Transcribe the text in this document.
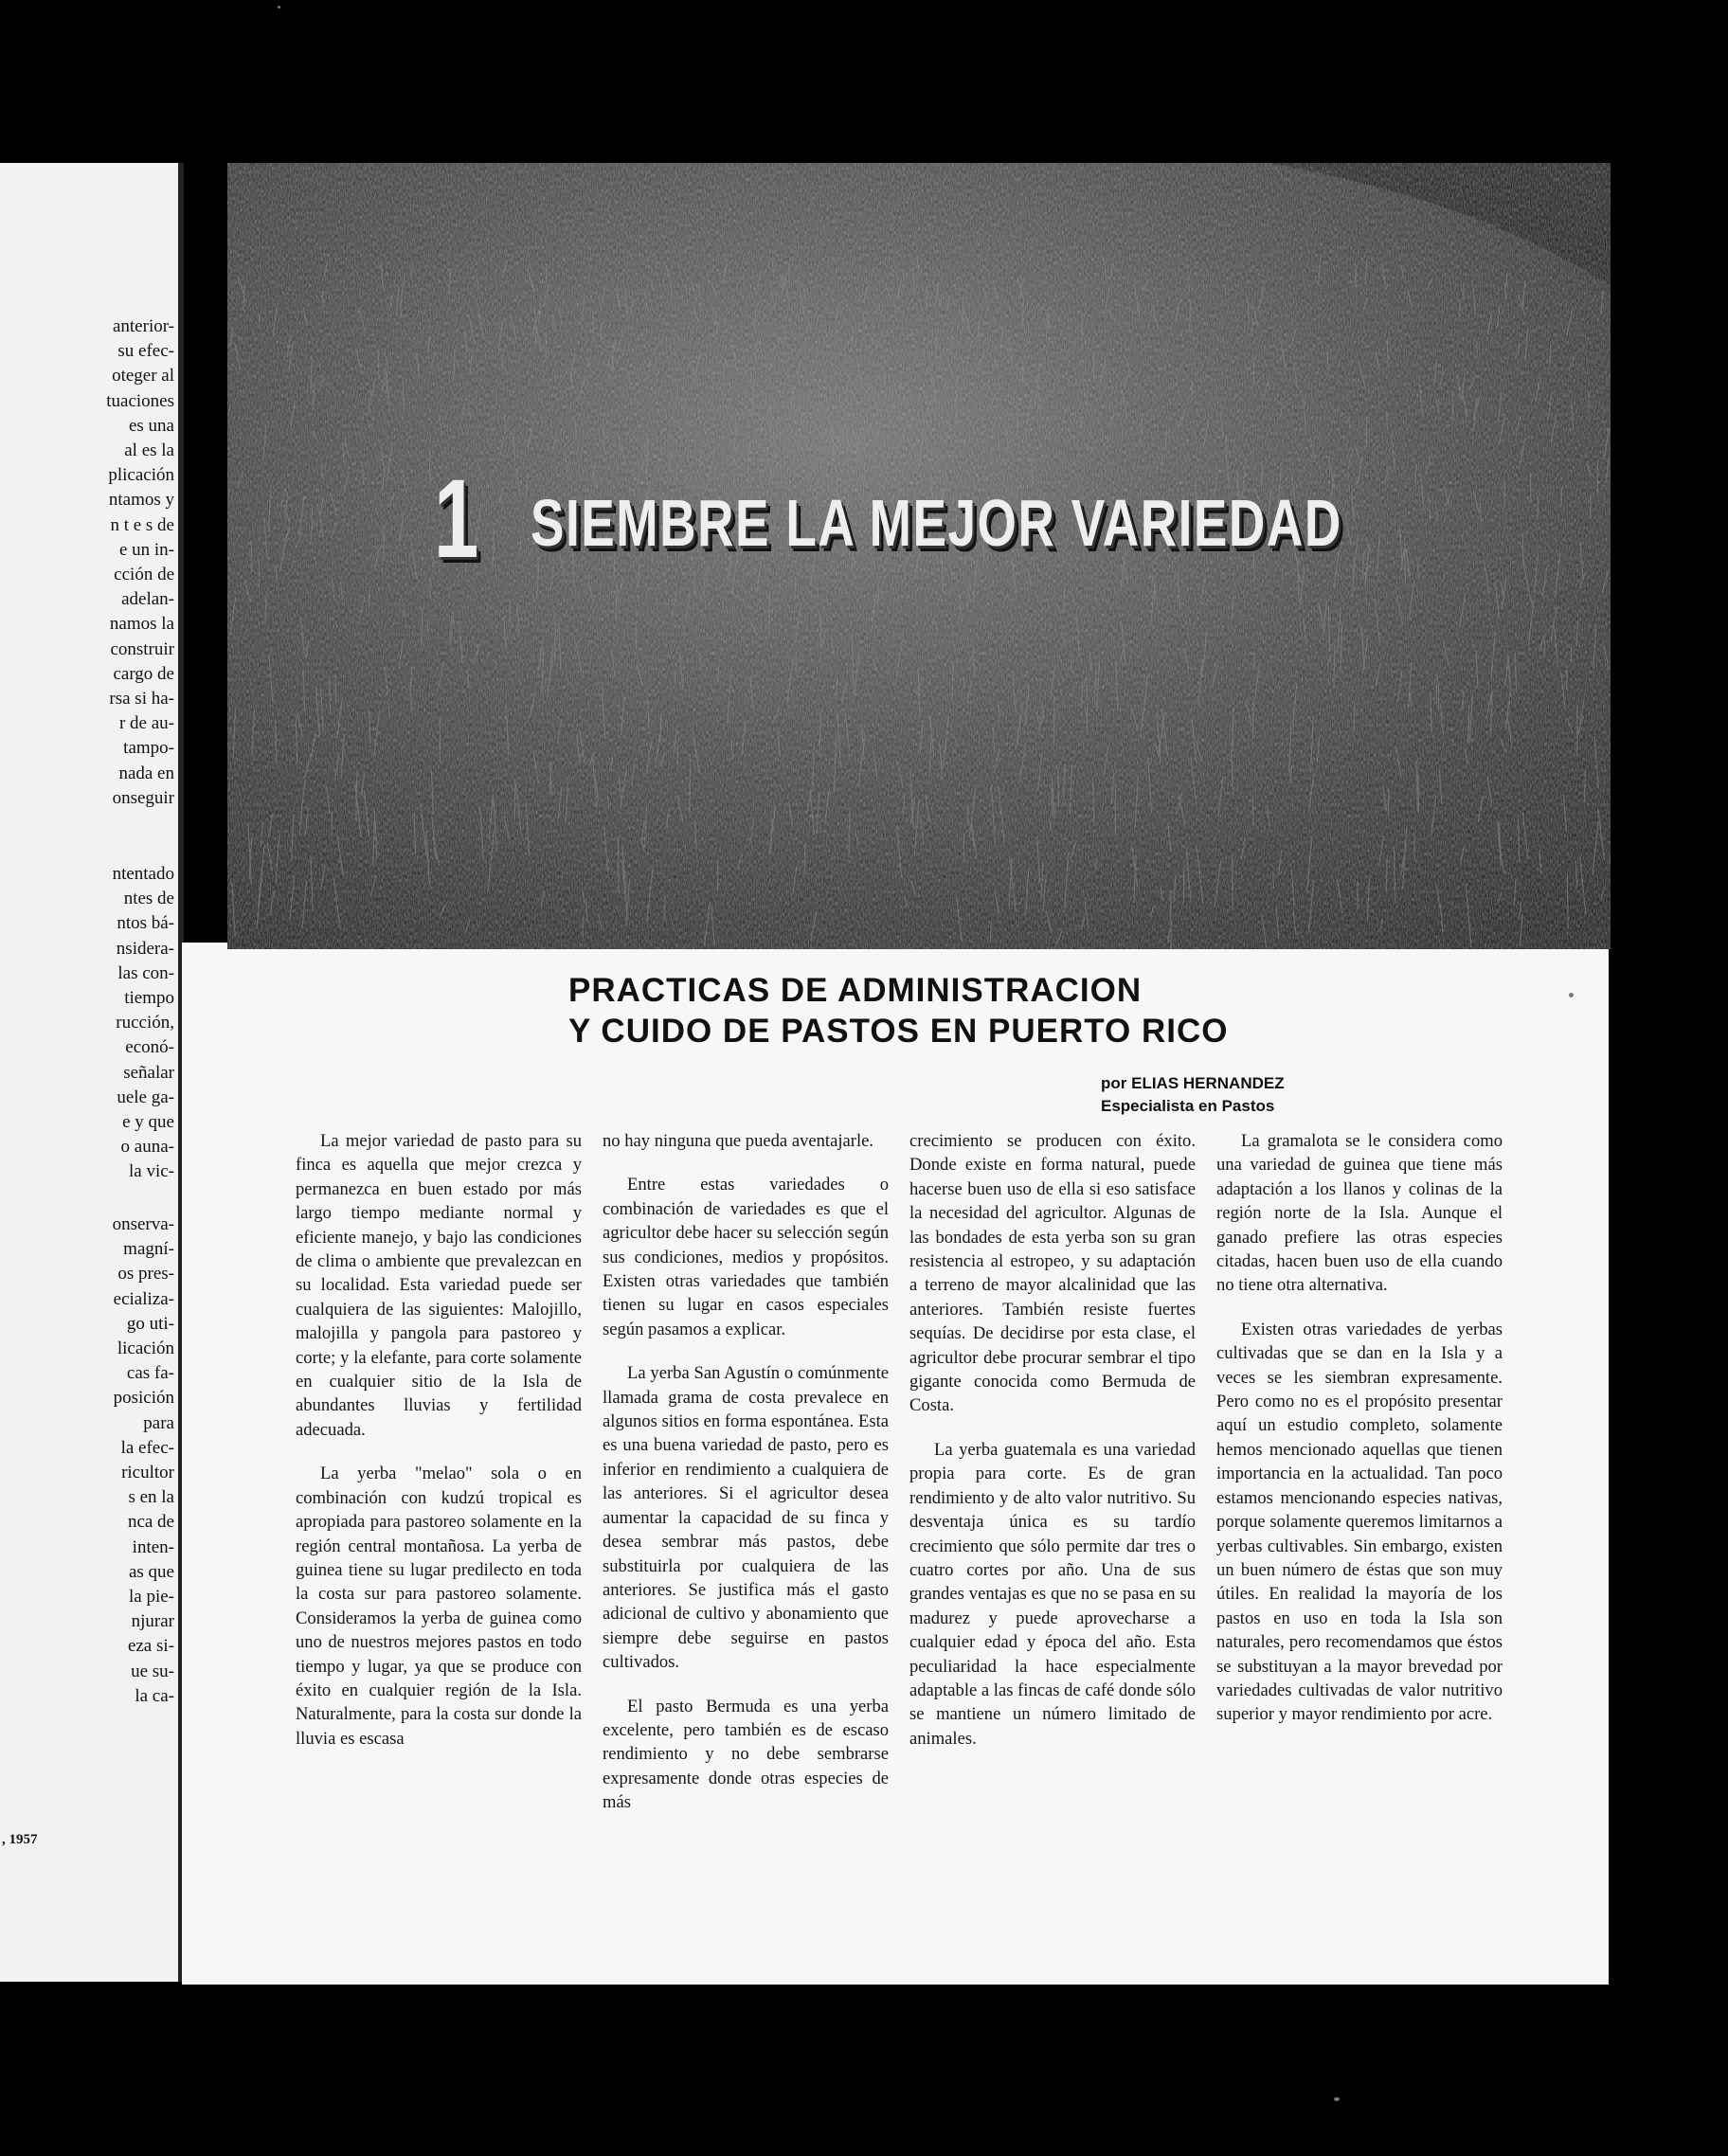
anterior-
su efec-
oteger al
tuaciones
es una
al es la
plicación
ntamos y
n t e s de
e un in-
cción de
adelan-
namos la
construir
cargo de
rsa si ha-
r de au-
tampo-
nada en
onseguir
ntentado
ntes de
ntos bá-
nsidera-
las con-
tiempo
rucción,
econó-
señalar
uele ga-
e y que
o auna-
la vic-
onserva-
magní-
os pres-
ecializa-
go uti-
licación
cas fa-
posición
para
la efec-
ricultor
s en la
nca de
inten-
as que
la pie-
njurar
eza si-
ue su-
la ca-
, 1957
1 SIEMBRE LA MEJOR VARIEDAD
PRACTICAS DE ADMINISTRACION
Y CUIDO DE PASTOS EN PUERTO RICO
por ELIAS HERNANDEZ
Especialista en Pastos

La mejor variedad de pasto para su finca es aquella que mejor crezca y permanezca en buen estado por más largo tiempo mediante normal y eficiente manejo, y bajo las condiciones de clima o ambiente que prevalezcan en su localidad. Esta variedad puede ser cualquiera de las siguientes: Malojillo, malojilla y pangola para pastoreo y corte; y la elefante, para corte solamente en cualquier sitio de la Isla de abundantes lluvias y fertilidad adecuada.

La yerba "melao" sola o en combinación con kudzú tropical es apropiada para pastoreo solamente en la región central montañosa. La yerba de guinea tiene su lugar predilecto en toda la costa sur para pastoreo solamente. Consideramos la yerba de guinea como uno de nuestros mejores pastos en todo tiempo y lugar, ya que se produce con éxito en cualquier región de la Isla. Naturalmente, para la costa sur donde la lluvia es escasa

no hay ninguna que pueda aventajarle.

Entre estas variedades o combinación de variedades es que el agricultor debe hacer su selección según sus condiciones, medios y propósitos. Existen otras variedades que también tienen su lugar en casos especiales según pasamos a explicar.

La yerba San Agustín o comúnmente llamada grama de costa prevalece en algunos sitios en forma espontánea. Esta es una buena variedad de pasto, pero es inferior en rendimiento a cualquiera de las anteriores. Si el agricultor desea aumentar la capacidad de su finca y desea sembrar más pastos, debe substituirla por cualquiera de las anteriores. Se justifica más el gasto adicional de cultivo y abonamiento que siempre debe seguirse en pastos cultivados.

El pasto Bermuda es una yerba excelente, pero también es de escaso rendimiento y no debe sembrarse expresamente donde otras especies de más

crecimiento se producen con éxito. Donde existe en forma natural, puede hacerse buen uso de ella si eso satisface la necesidad del agricultor. Algunas de las bondades de esta yerba son su gran resistencia al estropeo, y su adaptación a terreno de mayor alcalinidad que las anteriores. También resiste fuertes sequías. De decidirse por esta clase, el agricultor debe procurar sembrar el tipo gigante conocida como Bermuda de Costa.

La yerba guatemala es una variedad propia para corte. Es de gran rendimiento y de alto valor nutritivo. Su desventaja única es su tardío crecimiento que sólo permite dar tres o cuatro cortes por año. Una de sus grandes ventajas es que no se pasa en su madurez y puede aprovecharse a cualquier edad y época del año. Esta peculiaridad la hace especialmente adaptable a las fincas de café donde sólo se mantiene un número limitado de animales.

La gramalota se le considera como una variedad de guinea que tiene más adaptación a los llanos y colinas de la región norte de la Isla. Aunque el ganado prefiere las otras especies citadas, hacen buen uso de ella cuando no tiene otra alternativa.

Existen otras variedades de yerbas cultivadas que se dan en la Isla y a veces se les siembran expresamente. Pero como no es el propósito presentar aquí un estudio completo, solamente hemos mencionado aquellas que tienen importancia en la actualidad. Tan poco estamos mencionando especies nativas, porque solamente queremos limitarnos a yerbas cultivables. Sin embargo, existen un buen número de éstas que son muy útiles. En realidad la mayoría de los pastos en uso en toda la Isla son naturales, pero recomendamos que éstos se substituyan a la mayor brevedad por variedades cultivadas de valor nutritivo superior y mayor rendimiento por acre.
